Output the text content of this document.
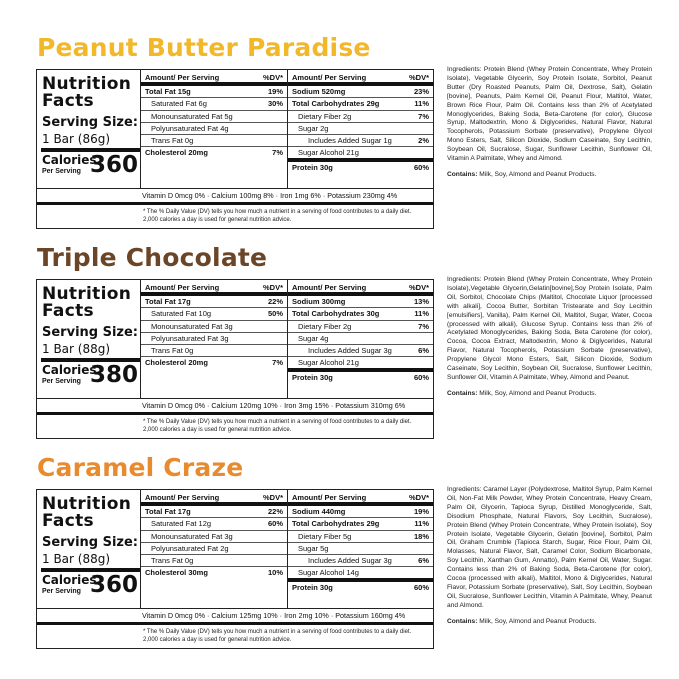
Peanut Butter Paradise
Nutrition Facts
Serving Size:
1 Bar (86g)
Calories
Per Serving 360
Amount/ Per Serving	%DV*
Total Fat 15g	19%
Saturated Fat 6g	30%
Monounsaturated Fat 5g
Polyunsaturated Fat 4g
Trans Fat 0g
Cholesterol 20mg	7%
Amount/ Per Serving	%DV*
Sodium 520mg	23%
Total Carbohydrates 29g	11%
Dietary Fiber 2g	7%
Sugar 2g
Includes Added Sugar 1g	2%
Sugar Alcohol 21g
Protein 30g	60%
Vitamin D 0mcg 0% · Calcium 100mg 8% · Iron 1mg 6% · Potassium 230mg 4%
* The % Daily Value (DV) tells you how much a nutrient in a serving of food contributes to a daily diet. 2,000 calories a day is used for general nutrition advice.
Ingredients: Protein Blend (Whey Protein Concentrate, Whey Protein Isolate), Vegetable Glycerin, Soy Protein Isolate, Sorbitol, Peanut Butter (Dry Roasted Peanuts, Palm Oil, Dextrose, Salt), Gelatin [bovine], Peanuts, Palm Kernel Oil, Peanut Flour, Maltitol, Water, Brown Rice Flour, Palm Oil. Contains less than 2% of Acetylated Monoglycerides, Baking Soda, Beta-Carotene (for color), Glucose Syrup, Maltodextrin, Mono & Diglycerides, Natural Flavor, Natural Tocopherols, Potassium Sorbate (preservative), Propylene Glycol Mono Esters, Salt, Silicon Dioxide, Sodium Caseinate, Soy Lecithin, Soybean Oil, Sucralose, Sugar, Sunflower Lecithin, Sunflower Oil, Vitamin A Palmitate, Whey and Almond.
Contains: Milk, Soy, Almond and Peanut Products.
Triple Chocolate
Nutrition Facts
Serving Size:
1 Bar (88g)
Calories
Per Serving 380
Amount/ Per Serving	%DV*
Total Fat 17g	22%
Saturated Fat 10g	50%
Monounsaturated Fat 3g
Polyunsaturated Fat 3g
Trans Fat 0g
Cholesterol 20mg	7%
Amount/ Per Serving	%DV*
Sodium 300mg	13%
Total Carbohydrates 30g	11%
Dietary Fiber 2g	7%
Sugar 4g
Includes Added Sugar 3g	6%
Sugar Alcohol 21g
Protein 30g	60%
Vitamin D 0mcg 0% · Calcium 120mg 10% · Iron 3mg 15% · Potassium 310mg 6%
* The % Daily Value (DV) tells you how much a nutrient in a serving of food contributes to a daily diet. 2,000 calories a day is used for general nutrition advice.
Ingredients: Protein Blend (Whey Protein Concentrate, Whey Protein Isolate),Vegetable Glycerin,Gelatin[bovine],Soy Protein Isolate, Palm Oil, Sorbitol, Chocolate Chips (Maltitol, Chocolate Liquor [processed with alkali], Cocoa Butter, Sorbitan Tristearate and Soy Lecithin [emulsifiers], Vanilla), Palm Kernel Oil, Maltitol, Sugar, Water, Cocoa (processed with alkali), Glucose Syrup. Contains less than 2% of Acetylated Monoglycerides, Baking Soda, Beta Carotene (for color), Cocoa, Cocoa Extract, Maltodextrin, Mono & Diglycerides, Natural Flavor, Natural Tocopherols, Potassium Sorbate (preservative), Propylene Glycol Mono Esters, Salt, Silicon Dioxide, Sodium Caseinate, Soy Lecithin, Soybean Oil, Sucralose, Sunflower Lecithin, Sunflower Oil, Vitamin A Palmitate, Whey, Almond and Peanut.
Contains: Milk, Soy, Almond and Peanut Products.
Caramel Craze
Nutrition Facts
Serving Size:
1 Bar (88g)
Calories
Per Serving 360
Amount/ Per Serving	%DV*
Total Fat 17g	22%
Saturated Fat 12g	60%
Monounsaturated Fat 3g
Polyunsaturated Fat 2g
Trans Fat 0g
Cholesterol 30mg	10%
Amount/ Per Serving	%DV*
Sodium 440mg	19%
Total Carbohydrates 29g	11%
Dietary Fiber 5g	18%
Sugar 5g
Includes Added Sugar 3g	6%
Sugar Alcohol 14g
Protein 30g	60%
Vitamin D 0mcg 0% · Calcium 125mg 10% · Iron 2mg 10% · Potassium 160mg 4%
* The % Daily Value (DV) tells you how much a nutrient in a serving of food contributes to a daily diet. 2,000 calories a day is used for general nutrition advice.
Ingredients: Caramel Layer (Polydextrose, Maltitol Syrup, Palm Kernel Oil, Non-Fat Milk Powder, Whey Protein Concentrate, Heavy Cream, Palm Oil, Glycerin, Tapioca Syrup, Distilled Monoglyceride, Salt, Disodium Phosphate, Natural Flavors, Soy Lecithin, Sucralose), Protein Blend (Whey Protein Concentrate, Whey Protein Isolate), Soy Protein Isolate, Vegetable Glycerin, Gelatin [bovine], Sorbitol, Palm Oil, Graham Crumble (Tapioca Starch, Sugar, Rice Flour, Palm Oil, Molasses, Natural Flavor, Salt, Caramel Color, Sodium Bicarbonate, Soy Lecithin, Xanthan Gum, Annatto), Palm Kernel Oil, Water, Sugar. Contains less than 2% of Baking Soda, Beta-Carotene (for color), Cocoa (processed with alkali), Maltitol, Mono & Diglycerides, Natural Flavor, Potassium Sorbate (preservative), Salt, Soy Lecithin, Soybean Oil, Sucralose, Sunflower Lecithin, Vitamin A Palmitate, Whey, Peanut and Almond.
Contains: Milk, Soy, Almond and Peanut Products.
